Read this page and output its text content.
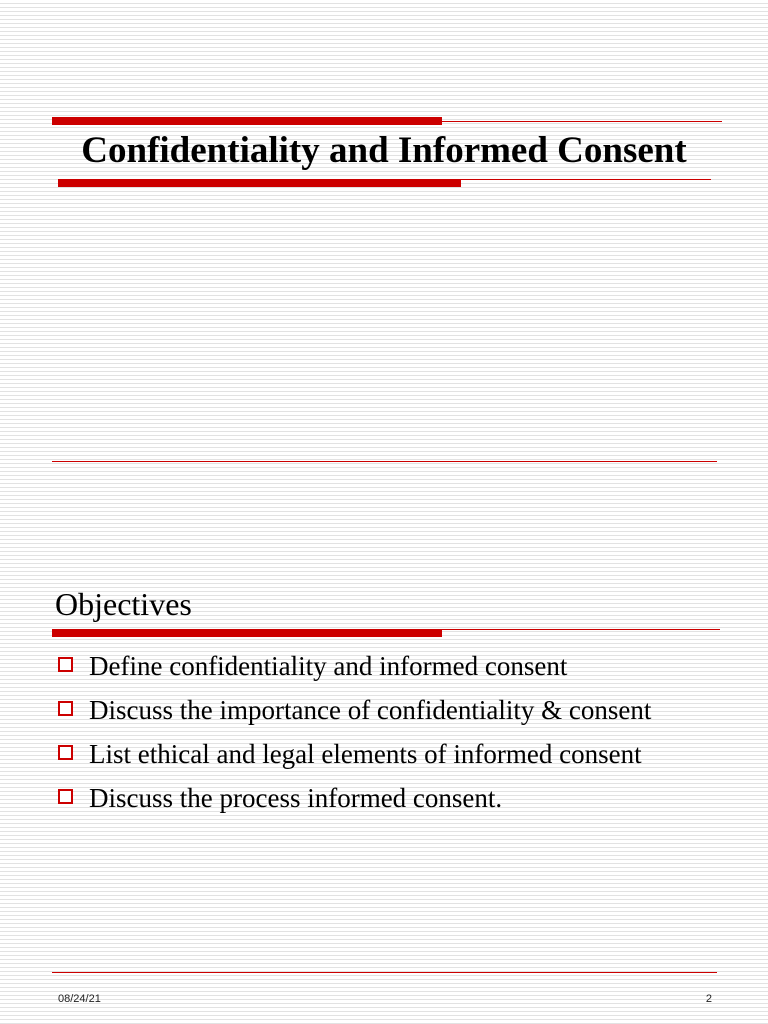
Confidentiality and Informed Consent
Objectives
Define confidentiality and informed consent
Discuss the importance of confidentiality & consent
List ethical and legal elements of informed consent
Discuss the process informed consent.
08/24/21	2
